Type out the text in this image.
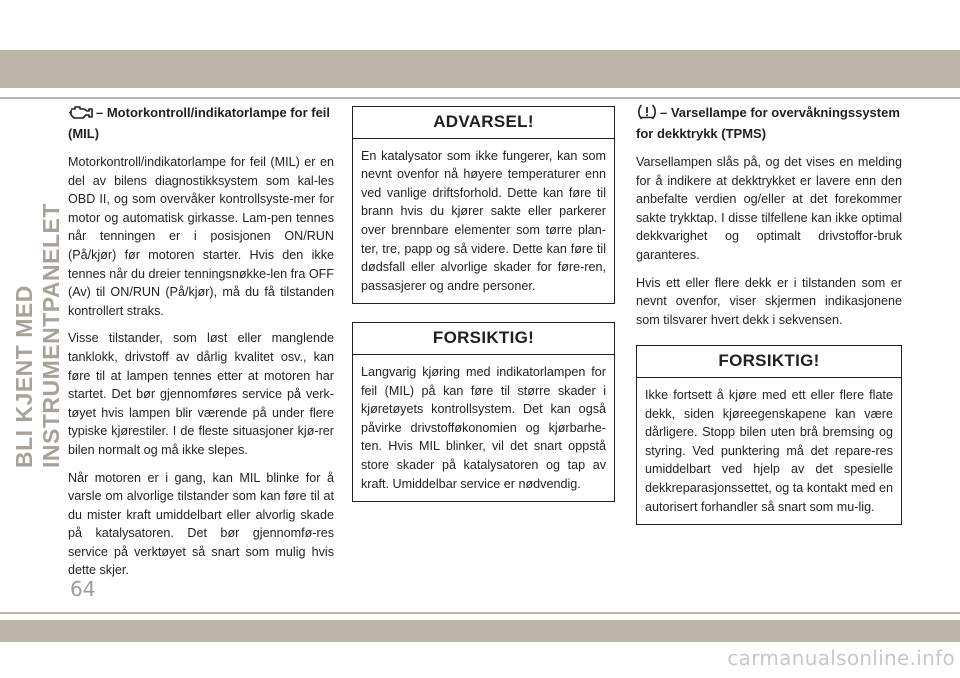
BLI KJENT MED INSTRUMENTPANELET
– Motorkontroll/indikatorlampe for feil (MIL)

Motorkontroll/indikatorlampe for feil (MIL) er en del av bilens diagnostikksystem som kal-les OBD II, og som overvåker kontrollsyste-mer for motor og automatisk girkasse. Lam-pen tennes når tenningen er i posisjonen ON/RUN (På/kjør) før motoren starter. Hvis den ikke tennes når du dreier tenningsnøkke-len fra OFF (Av) til ON/RUN (På/kjør), må du få tilstanden kontrollert straks.

Visse tilstander, som løst eller manglende tanklokk, drivstoff av dårlig kvalitet osv., kan føre til at lampen tennes etter at motoren har startet. Det bør gjennomføres service på verk-tøyet hvis lampen blir værende på under flere typiske kjørestiler. I de fleste situasjoner kjø-rer bilen normalt og må ikke slepes.

Når motoren er i gang, kan MIL blinke for å varsle om alvorlige tilstander som kan føre til at du mister kraft umiddelbart eller alvorlig skade på katalysatoren. Det bør gjennomfø-res service på verktøyet så snart som mulig hvis dette skjer.

ADVARSEL!
En katalysator som ikke fungerer, kan som nevnt ovenfor nå høyere temperaturer enn ved vanlige driftsforhold. Dette kan føre til brann hvis du kjører sakte eller parkerer over brennbare elementer som tørre plan-ter, tre, papp og så videre. Dette kan føre til dødsfall eller alvorlige skader for føre-ren, passasjerer og andre personer.
FORSIKTIG!
Langvarig kjøring med indikatorlampen for feil (MIL) på kan føre til større skader i kjøretøyets kontrollsystem. Det kan også påvirke drivstofføkonomien og kjørbarhe-ten. Hvis MIL blinker, vil det snart oppstå store skader på katalysatoren og tap av kraft. Umiddelbar service er nødvendig.
– Varsellampe for overvåkningssystem for dekktrykk (TPMS)

Varsellampen slås på, og det vises en melding for å indikere at dekktrykket er lavere enn den anbefalte verdien og/eller at det forekommer sakte trykktap. I disse tilfellene kan ikke optimal dekkvarighet og optimalt drivstoffor-bruk garanteres.

Hvis ett eller flere dekk er i tilstanden som er nevnt ovenfor, viser skjermen indikasjonene som tilsvarer hvert dekk i sekvensen.

FORSIKTIG!
Ikke fortsett å kjøre med ett eller flere flate dekk, siden kjøreegenskapene kan være dårligere. Stopp bilen uten brå bremsing og styring. Ved punktering må det repare-res umiddelbart ved hjelp av det spesielle dekkreparasjonssettet, og ta kontakt med en autorisert forhandler så snart som mu-lig.
64
carmanualsonline.info
